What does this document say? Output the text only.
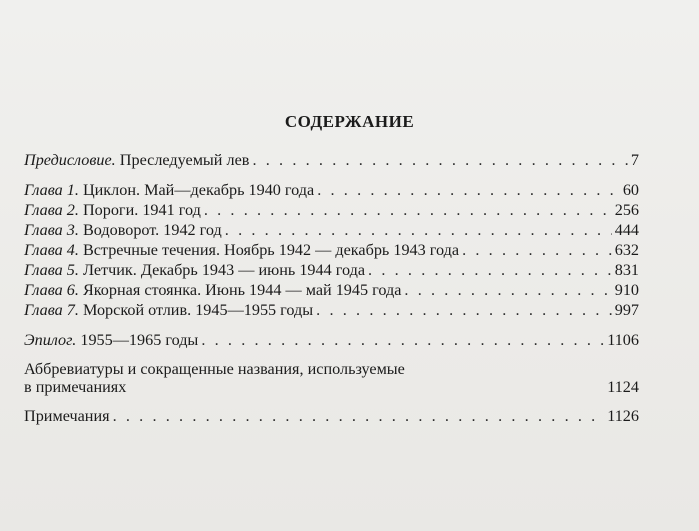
СОДЕРЖАНИЕ
Предисловие. Преследуемый лев . . .	7
Глава 1. Циклон. Май—декабрь 1940 года . . .	60
Глава 2. Пороги. 1941 год . . .	256
Глава 3. Водоворот. 1942 год . . .	444
Глава 4. Встречные течения. Ноябрь 1942 — декабрь 1943 года . . .	632
Глава 5. Летчик. Декабрь 1943 — июнь 1944 года . . .	831
Глава 6. Якорная стоянка. Июнь 1944 — май 1945 года . . .	910
Глава 7. Морской отлив. 1945—1955 годы . . .	997
Эпилог. 1955—1965 годы . . .	1106
Аббревиатуры и сокращенные названия, используемые
в примечаниях	1124
Примечания . . .	1126
